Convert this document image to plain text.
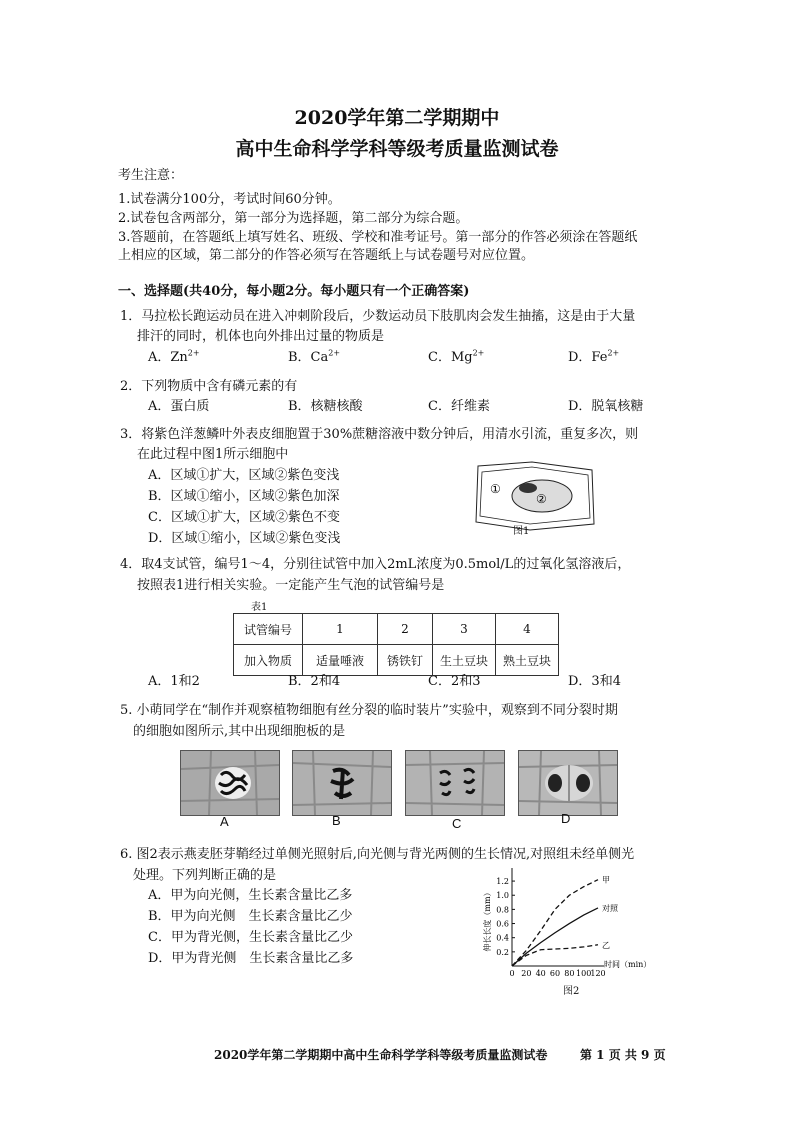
2020学年第二学期期中
高中生命科学学科等级考质量监测试卷
考生注意：
1.试卷满分100分，考试时间60分钟。
2.试卷包含两部分，第一部分为选择题，第二部分为综合题。
3.答题前，在答题纸上填写姓名、班级、学校和准考证号。第一部分的作答必须涂在答题纸
上相应的区域，第二部分的作答必须写在答题纸上与试卷题号对应位置。
一、选择题(共40分，每小题2分。每小题只有一个正确答案)
1．马拉松长跑运动员在进入冲刺阶段后，少数运动员下肢肌肉会发生抽搐，这是由于大量
排汗的同时，机体也向外排出过量的物质是
A．$Zn^{2+}$	B．$Ca^{2+}$	C．$Mg^{2+}$	D．$Fe^{2+}$
2．下列物质中含有磷元素的有
A．蛋白质	B．核糖核酸	C．纤维素	D．脱氧核糖
3．将紫色洋葱鳞叶外表皮细胞置于30%蔗糖溶液中数分钟后，用清水引流，重复多次，则
在此过程中图1所示细胞中
A．区域①扩大，区域②紫色变浅
B．区域①缩小，区域②紫色加深
C．区域①扩大，区域②紫色不变
D．区域①缩小，区域②紫色变浅
①
②
图1
4．取4支试管，编号1～4，分别往试管中加入2mL浓度为0.5mol/L的过氧化氢溶液后，
按照表1进行相关实验。一定能产生气泡的试管编号是
表1
试管编号	1	2	3	4
加入物质	适量唾液	锈铁钉	生土豆块	熟土豆块
A．1和2	B．2和4	C．2和3	D．3和4
5. 小萌同学在“制作并观察植物细胞有丝分裂的临时装片”实验中，观察到不同分裂时期
的细胞如图所示,其中出现细胞板的是
A	B	C	D
6. 图2表示燕麦胚芽鞘经过单侧光照射后,向光侧与背光两侧的生长情况,对照组未经单侧光
处理。下列判断正确的是
A．甲为向光侧，生长素含量比乙多
B．甲为向光侧　生长素含量比乙少
C．甲为背光侧，生长素含量比乙少
D．甲为背光侧　生长素含量比乙多	0.2
0.4
0.6
0.8
1.0
1.2
0 20 40 60 80 100 120
时间（min）
伸长长度（mm）
甲
对照
乙
图2
2020学年第二学期期中高中生命科学学科等级考质量监测试卷	第 1 页 共 9 页
